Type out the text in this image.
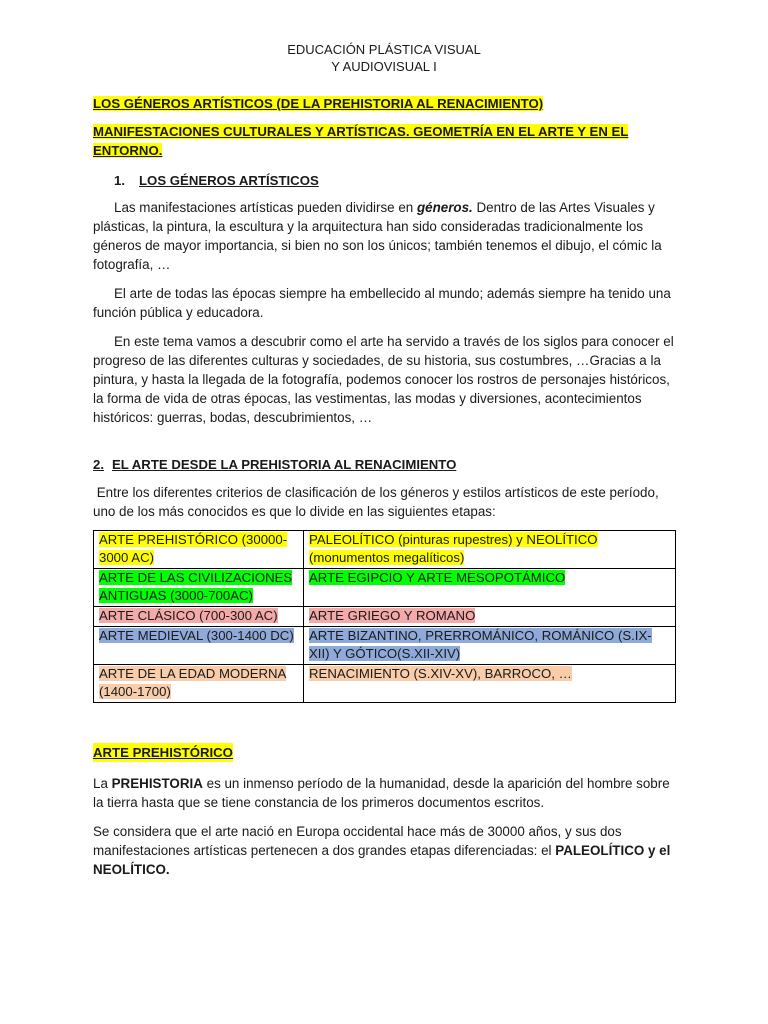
EDUCACIÓN PLÁSTICA VISUAL
Y AUDIOVISUAL I

LOS GÉNEROS ARTÍSTICOS (DE LA PREHISTORIA AL RENACIMIENTO)

MANIFESTACIONES CULTURALES Y ARTÍSTICAS. GEOMETRÍA EN EL ARTE Y EN EL ENTORNO.

1. LOS GÉNEROS ARTÍSTICOS

Las manifestaciones artísticas pueden dividirse en géneros. Dentro de las Artes Visuales y plásticas, la pintura, la escultura y la arquitectura han sido consideradas tradicionalmente los géneros de mayor importancia, si bien no son los únicos; también tenemos el dibujo, el cómic la fotografía, …

El arte de todas las épocas siempre ha embellecido al mundo; además siempre ha tenido una función pública y educadora.

En este tema vamos a descubrir como el arte ha servido a través de los siglos para conocer el progreso de las diferentes culturas y sociedades, de su historia, sus costumbres, …Gracias a la pintura, y hasta la llegada de la fotografía, podemos conocer los rostros de personajes históricos, la forma de vida de otras épocas, las vestimentas, las modas y diversiones, acontecimientos históricos: guerras, bodas, descubrimientos, …

2. EL ARTE DESDE LA PREHISTORIA AL RENACIMIENTO

Entre los diferentes criterios de clasificación de los géneros y estilos artísticos de este período, uno de los más conocidos es que lo divide en las siguientes etapas:

ARTE PREHISTÓRICO (30000-3000 AC)	PALEOLÍTICO (pinturas rupestres) y NEOLÍTICO (monumentos megalíticos)
ARTE DE LAS CIVILIZACIONES ANTIGUAS (3000-700AC)	ARTE EGIPCIO Y ARTE MESOPOTÁMICO
ARTE CLÁSICO (700-300 AC)	ARTE GRIEGO Y ROMANO
ARTE MEDIEVAL (300-1400 DC)	ARTE BIZANTINO, PRERROMÁNICO, ROMÁNICO (S.IX-XII) Y GÓTICO(S.XII-XIV)
ARTE DE LA EDAD MODERNA (1400-1700)	RENACIMIENTO (S.XIV-XV), BARROCO, …
ARTE PREHISTÓRICO

La PREHISTORIA es un inmenso período de la humanidad, desde la aparición del hombre sobre la tierra hasta que se tiene constancia de los primeros documentos escritos.

Se considera que el arte nació en Europa occidental hace más de 30000 años, y sus dos manifestaciones artísticas pertenecen a dos grandes etapas diferenciadas: el PALEOLÍTICO y el NEOLÍTICO.
